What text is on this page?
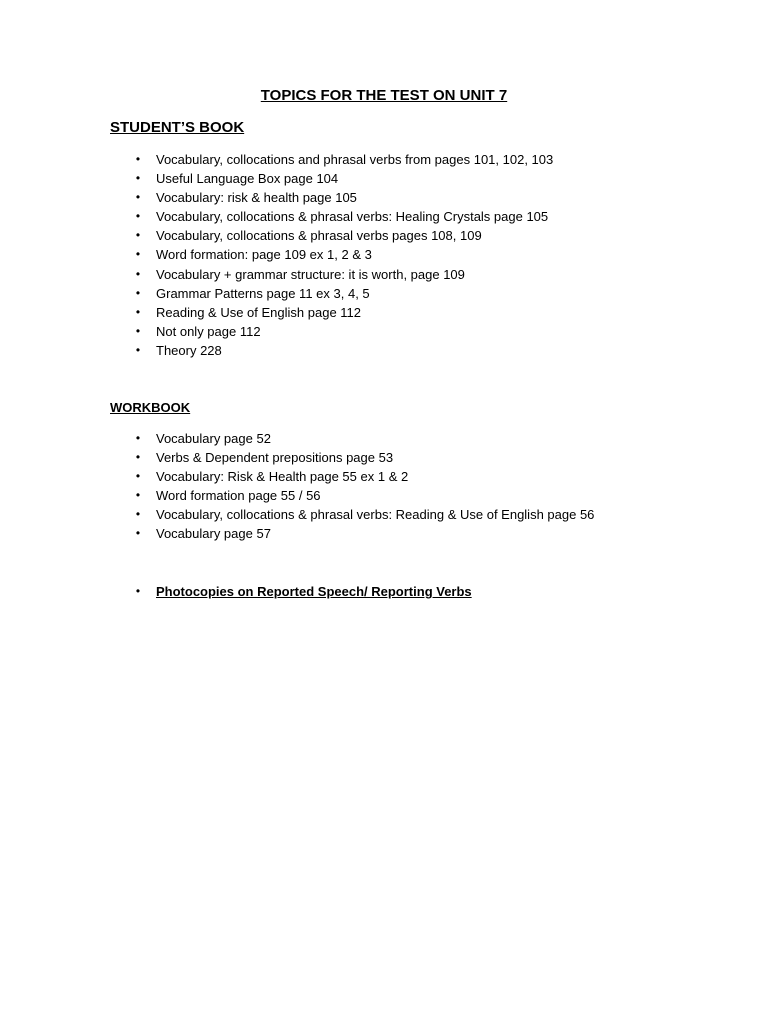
TOPICS FOR THE TEST ON UNIT 7
STUDENT’S BOOK
•	Vocabulary, collocations and phrasal verbs from pages 101, 102, 103
•	Useful Language Box page 104
•	Vocabulary: risk & health page 105
•	Vocabulary, collocations & phrasal verbs: Healing Crystals page 105
•	Vocabulary, collocations & phrasal verbs pages 108, 109
•	Word formation: page 109 ex 1, 2 & 3
•	Vocabulary + grammar structure: it is worth, page 109
•	Grammar Patterns page 11 ex 3, 4, 5
•	Reading & Use of English page 112
•	Not only page 112
•	Theory 228
WORKBOOK
•	Vocabulary page 52
•	Verbs & Dependent prepositions page 53
•	Vocabulary: Risk & Health page 55 ex 1 & 2
•	Word formation page 55 / 56
•	Vocabulary, collocations & phrasal verbs: Reading & Use of English page 56
•	Vocabulary page 57
•	Photocopies on Reported Speech/ Reporting Verbs
